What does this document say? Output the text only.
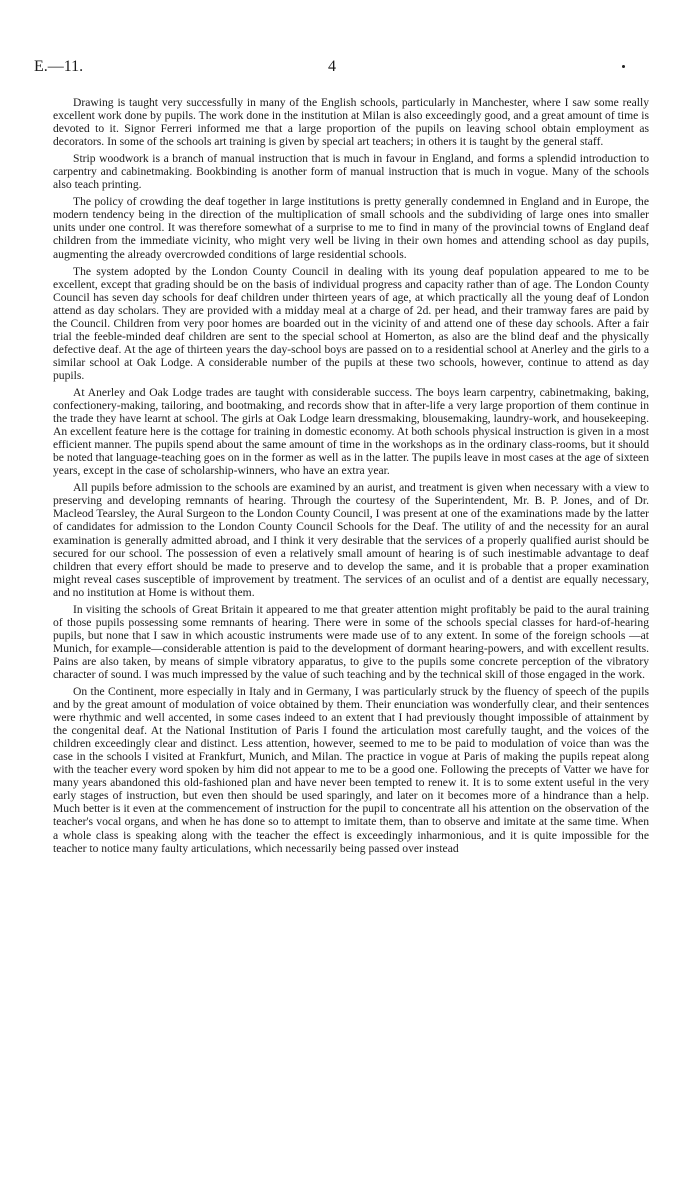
E.—11.	4

Drawing is taught very successfully in many of the English schools, particularly in Manchester, where I saw some really excellent work done by pupils. The work done in the institution at Milan is also exceedingly good, and a great amount of time is devoted to it. Signor Ferreri informed me that a large proportion of the pupils on leaving school obtain employment as decorators. In some of the schools art training is given by special art teachers; in others it is taught by the general staff.

Strip woodwork is a branch of manual instruction that is much in favour in England, and forms a splendid introduction to carpentry and cabinetmaking. Bookbinding is another form of manual instruction that is much in vogue. Many of the schools also teach printing.

The policy of crowding the deaf together in large institutions is pretty generally condemned in England and in Europe, the modern tendency being in the direction of the multiplication of small schools and the subdividing of large ones into smaller units under one control. It was therefore somewhat of a surprise to me to find in many of the provincial towns of England deaf children from the immediate vicinity, who might very well be living in their own homes and attending school as day pupils, augmenting the already overcrowded conditions of large residential schools.

The system adopted by the London County Council in dealing with its young deaf population appeared to me to be excellent, except that grading should be on the basis of individual progress and capacity rather than of age. The London County Council has seven day schools for deaf children under thirteen years of age, at which practically all the young deaf of London attend as day scholars. They are provided with a midday meal at a charge of 2d. per head, and their tramway fares are paid by the Council. Children from very poor homes are boarded out in the vicinity of and attend one of these day schools. After a fair trial the feeble-minded deaf children are sent to the special school at Homerton, as also are the blind deaf and the physically defective deaf. At the age of thirteen years the day-school boys are passed on to a residential school at Anerley and the girls to a similar school at Oak Lodge. A considerable number of the pupils at these two schools, however, continue to attend as day pupils.

At Anerley and Oak Lodge trades are taught with considerable success. The boys learn carpentry, cabinetmaking, baking, confectionery-making, tailoring, and bootmaking, and records show that in after-life a very large proportion of them continue in the trade they have learnt at school. The girls at Oak Lodge learn dressmaking, blousemaking, laundry-work, and housekeeping. An excellent feature here is the cottage for training in domestic economy. At both schools physical instruction is given in a most efficient manner. The pupils spend about the same amount of time in the workshops as in the ordinary class-rooms, but it should be noted that language-teaching goes on in the former as well as in the latter. The pupils leave in most cases at the age of sixteen years, except in the case of scholarship-winners, who have an extra year.

All pupils before admission to the schools are examined by an aurist, and treatment is given when necessary with a view to preserving and developing remnants of hearing. Through the courtesy of the Superintendent, Mr. B. P. Jones, and of Dr. Macleod Tearsley, the Aural Surgeon to the London County Council, I was present at one of the examinations made by the latter of candidates for admission to the London County Council Schools for the Deaf. The utility of and the necessity for an aural examination is generally admitted abroad, and I think it very desirable that the services of a properly qualified aurist should be secured for our school. The possession of even a relatively small amount of hearing is of such inestimable advantage to deaf children that every effort should be made to preserve and to develop the same, and it is probable that a proper examination might reveal cases susceptible of improvement by treatment. The services of an oculist and of a dentist are equally necessary, and no institution at Home is without them.

In visiting the schools of Great Britain it appeared to me that greater attention might profitably be paid to the aural training of those pupils possessing some remnants of hearing. There were in some of the schools special classes for hard-of-hearing pupils, but none that I saw in which acoustic instruments were made use of to any extent. In some of the foreign schools —at Munich, for example—considerable attention is paid to the development of dormant hearing-powers, and with excellent results. Pains are also taken, by means of simple vibratory apparatus, to give to the pupils some concrete perception of the vibratory character of sound. I was much impressed by the value of such teaching and by the technical skill of those engaged in the work.

On the Continent, more especially in Italy and in Germany, I was particularly struck by the fluency of speech of the pupils and by the great amount of modulation of voice obtained by them. Their enunciation was wonderfully clear, and their sentences were rhythmic and well accented, in some cases indeed to an extent that I had previously thought impossible of attainment by the congenital deaf. At the National Institution of Paris I found the articulation most carefully taught, and the voices of the children exceedingly clear and distinct. Less attention, however, seemed to me to be paid to modulation of voice than was the case in the schools I visited at Frankfurt, Munich, and Milan. The practice in vogue at Paris of making the pupils repeat along with the teacher every word spoken by him did not appear to me to be a good one. Following the precepts of Vatter we have for many years abandoned this old-fashioned plan and have never been tempted to renew it. It is to some extent useful in the very early stages of instruction, but even then should be used sparingly, and later on it becomes more of a hindrance than a help. Much better is it even at the commencement of instruction for the pupil to concentrate all his attention on the observation of the teacher's vocal organs, and when he has done so to attempt to imitate them, than to observe and imitate at the same time. When a whole class is speaking along with the teacher the effect is exceedingly inharmonious, and it is quite impossible for the teacher to notice many faulty articulations, which necessarily being passed over instead
